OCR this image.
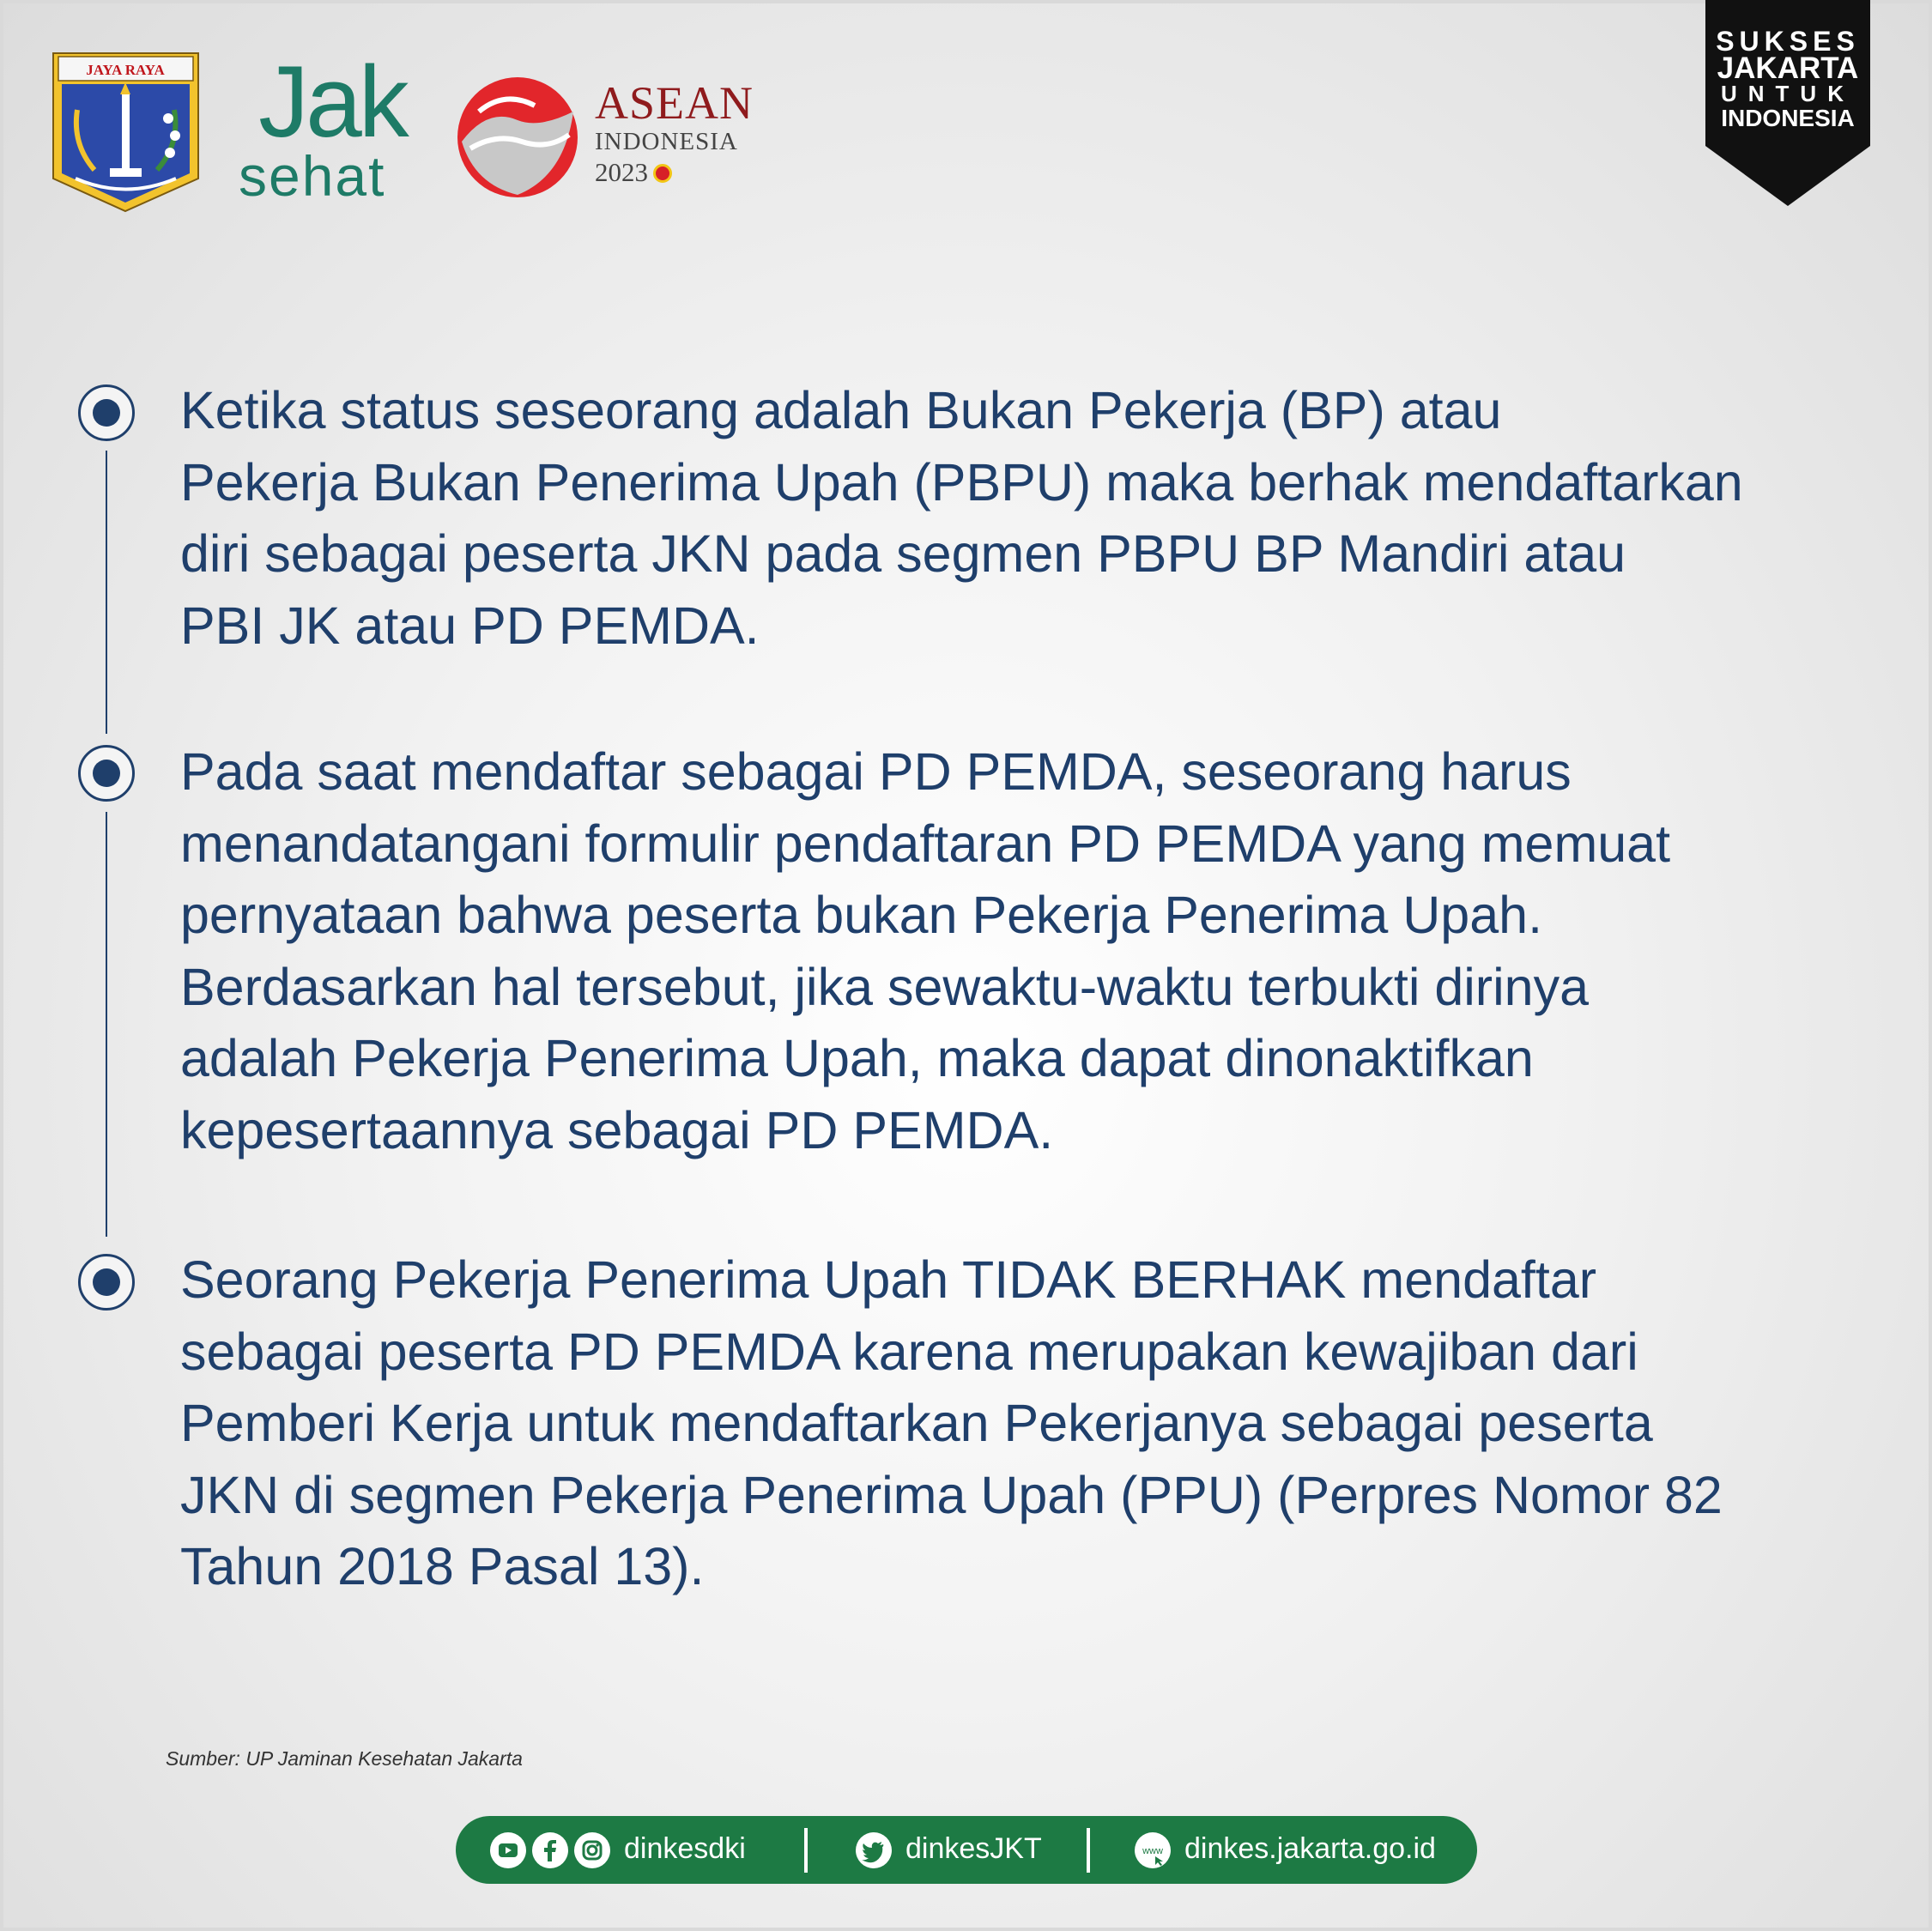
JAYA RAYA Jak
sehat
ASEAN
INDONESIA
2023
SUKSES
JAKARTA
UNTUK
INDONESIA
Ketika status seseorang adalah Bukan Pekerja (BP) atau
Pekerja Bukan Penerima Upah (PBPU) maka berhak mendaftarkan
diri sebagai peserta JKN pada segmen PBPU BP Mandiri atau
PBI JK atau PD PEMDA.
Pada saat mendaftar sebagai PD PEMDA, seseorang harus
menandatangani formulir pendaftaran PD PEMDA yang memuat
pernyataan bahwa peserta bukan Pekerja Penerima Upah.
Berdasarkan hal tersebut, jika sewaktu-waktu terbukti dirinya
adalah Pekerja Penerima Upah, maka dapat dinonaktifkan
kepesertaannya sebagai PD PEMDA.
Seorang Pekerja Penerima Upah TIDAK BERHAK mendaftar
sebagai peserta PD PEMDA karena merupakan kewajiban dari
Pemberi Kerja untuk mendaftarkan Pekerjanya sebagai peserta
JKN di segmen Pekerja Penerima Upah (PPU) (Perpres Nomor 82
Tahun 2018 Pasal 13).
Sumber: UP Jaminan Kesehatan Jakarta
dinkesdki	dinkesJKT	www dinkes.jakarta.go.id
